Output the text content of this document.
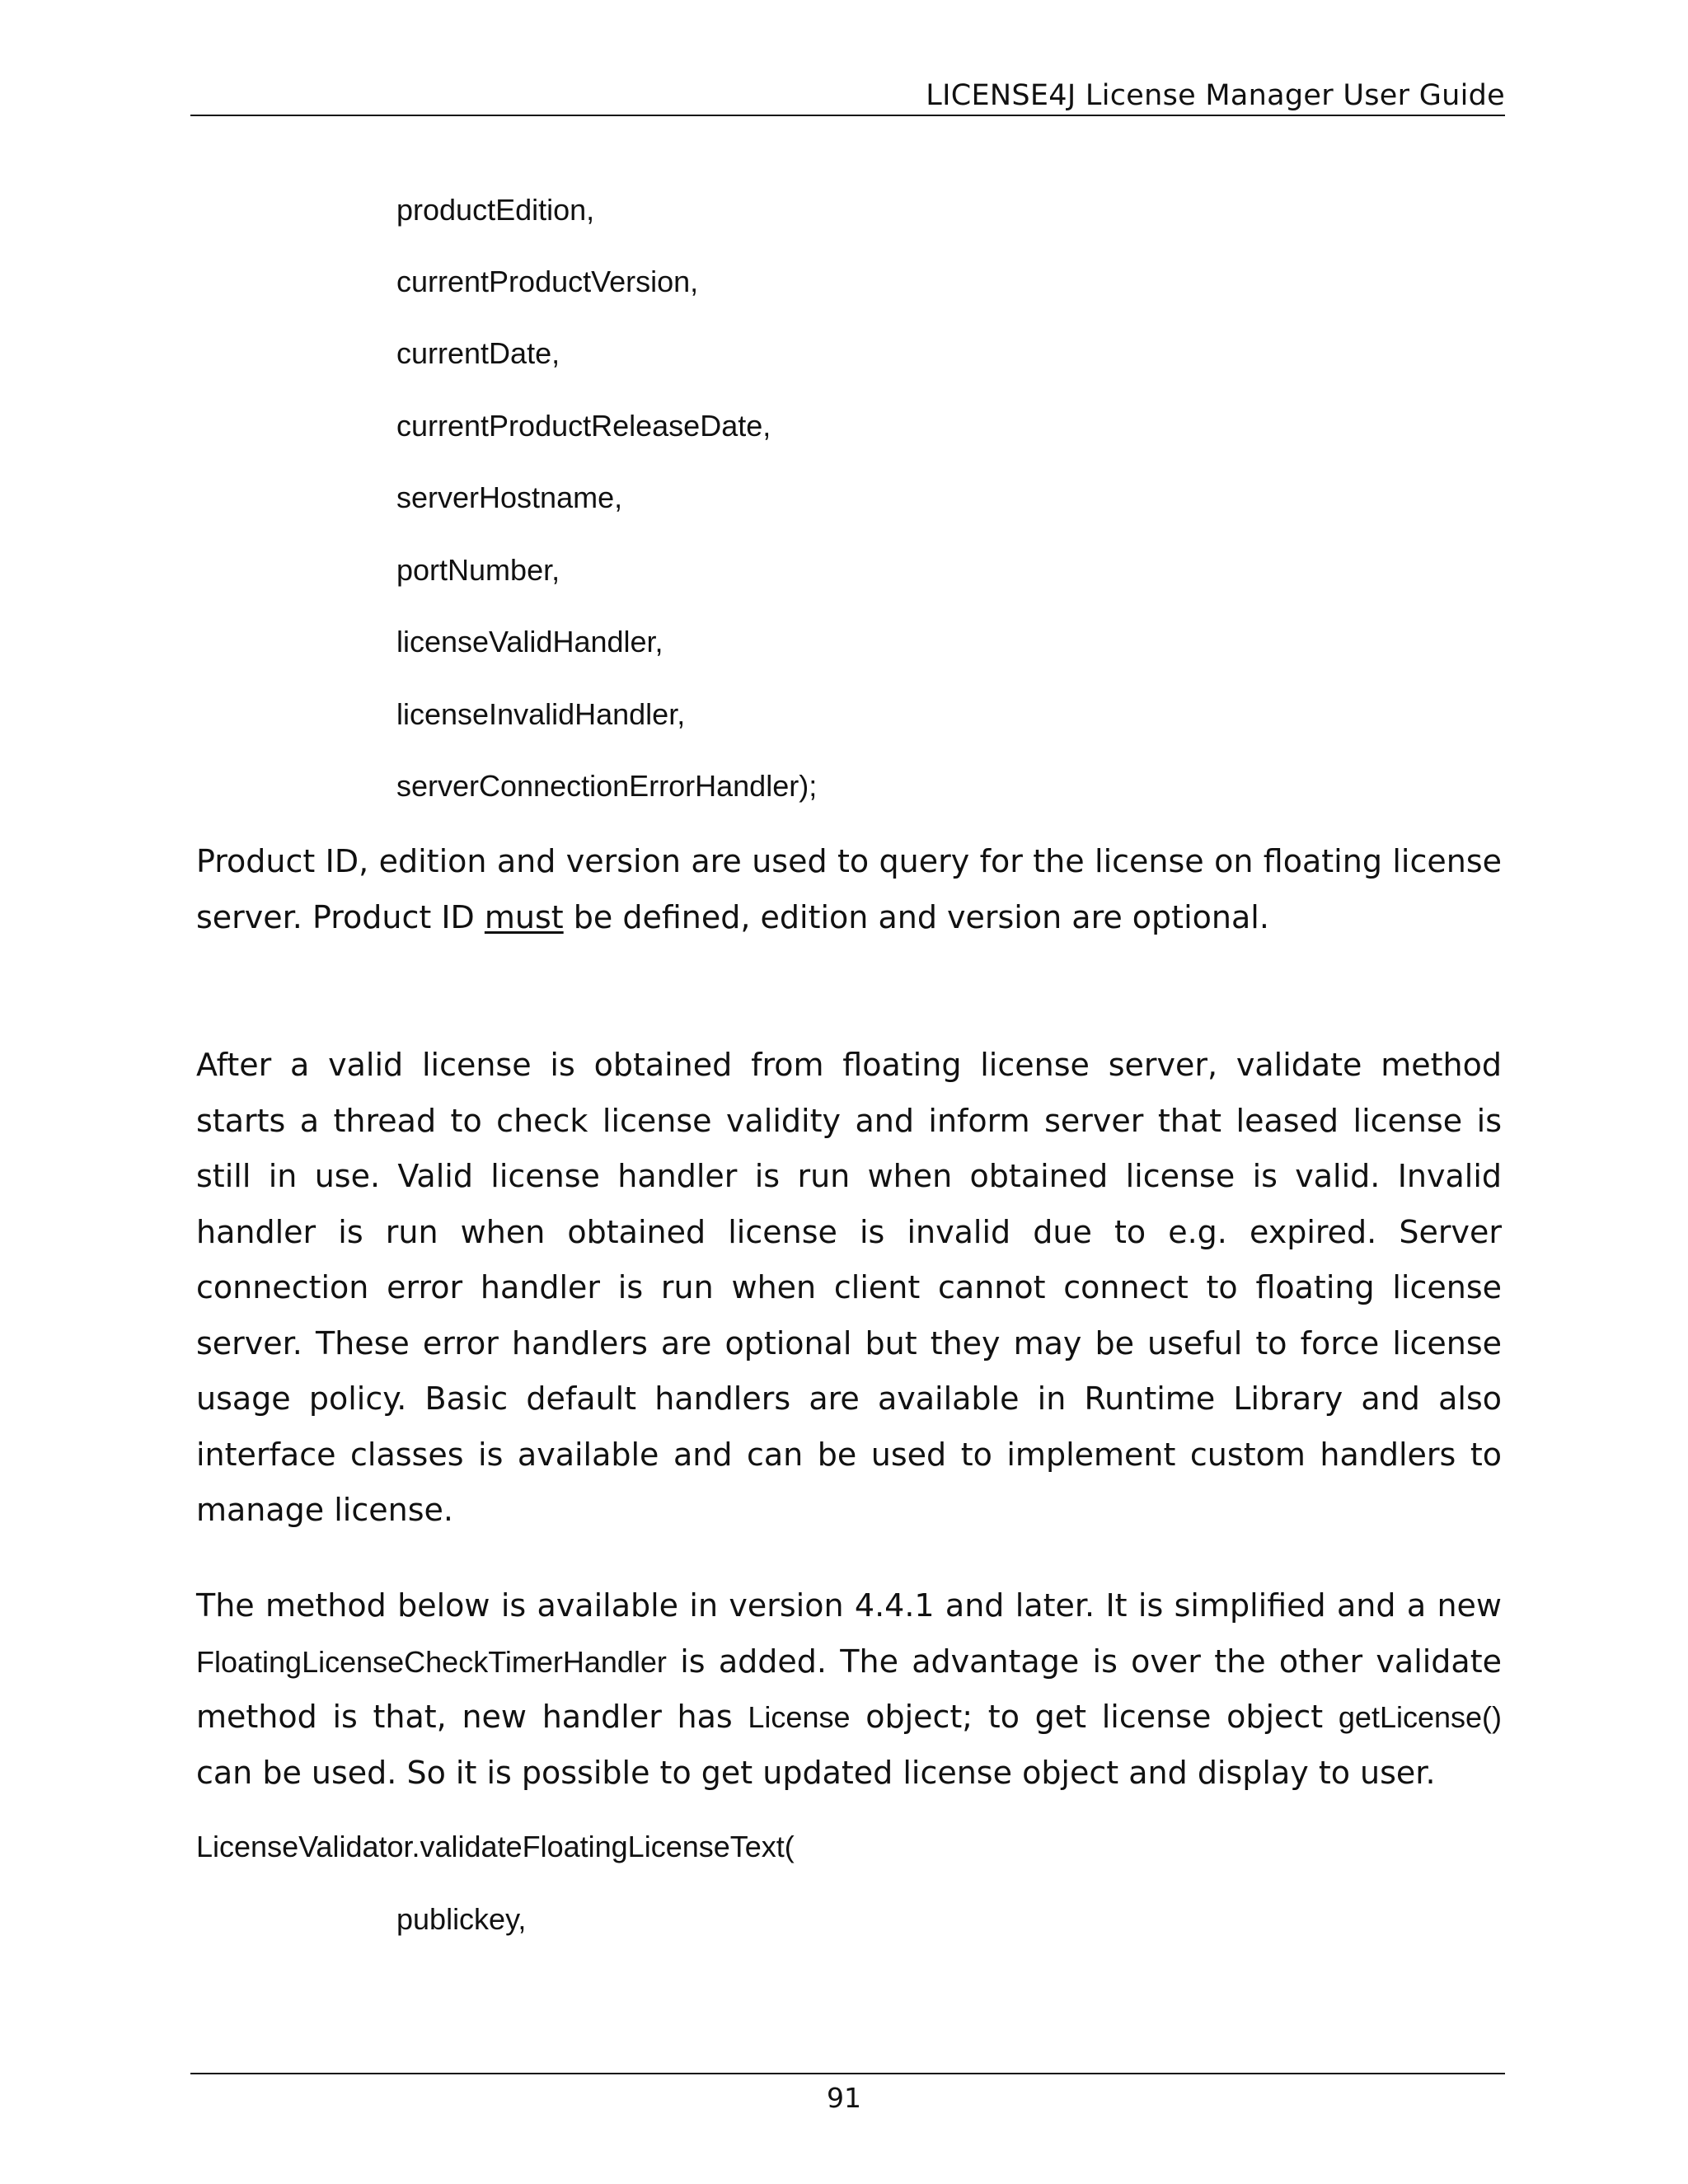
LICENSE4J License Manager User Guide
productEdition,
currentProductVersion,
currentDate,
currentProductReleaseDate,
serverHostname,
portNumber,
licenseValidHandler,
licenseInvalidHandler,
serverConnectionErrorHandler);

Product ID, edition and version are used to query for the license on floating license server. Product ID must be defined, edition and version are optional.

After a valid license is obtained from floating license server, validate method starts a thread to check license validity and inform server that leased license is still in use. Valid license handler is run when obtained license is valid. Invalid handler is run when obtained license is invalid due to e.g. expired. Server connection error handler is run when client cannot connect to floating license server. These error handlers are optional but they may be useful to force license usage policy. Basic default handlers are available in Runtime Library and also interface classes is available and can be used to implement custom handlers to manage license.

The method below is available in version 4.4.1 and later. It is simplified and a new FloatingLicenseCheckTimerHandler is added. The advantage is over the other validate method is that, new handler has License object; to get license object getLicense() can be used. So it is possible to get updated license object and display to user.

LicenseValidator.validateFloatingLicenseText(
publickey,
91
